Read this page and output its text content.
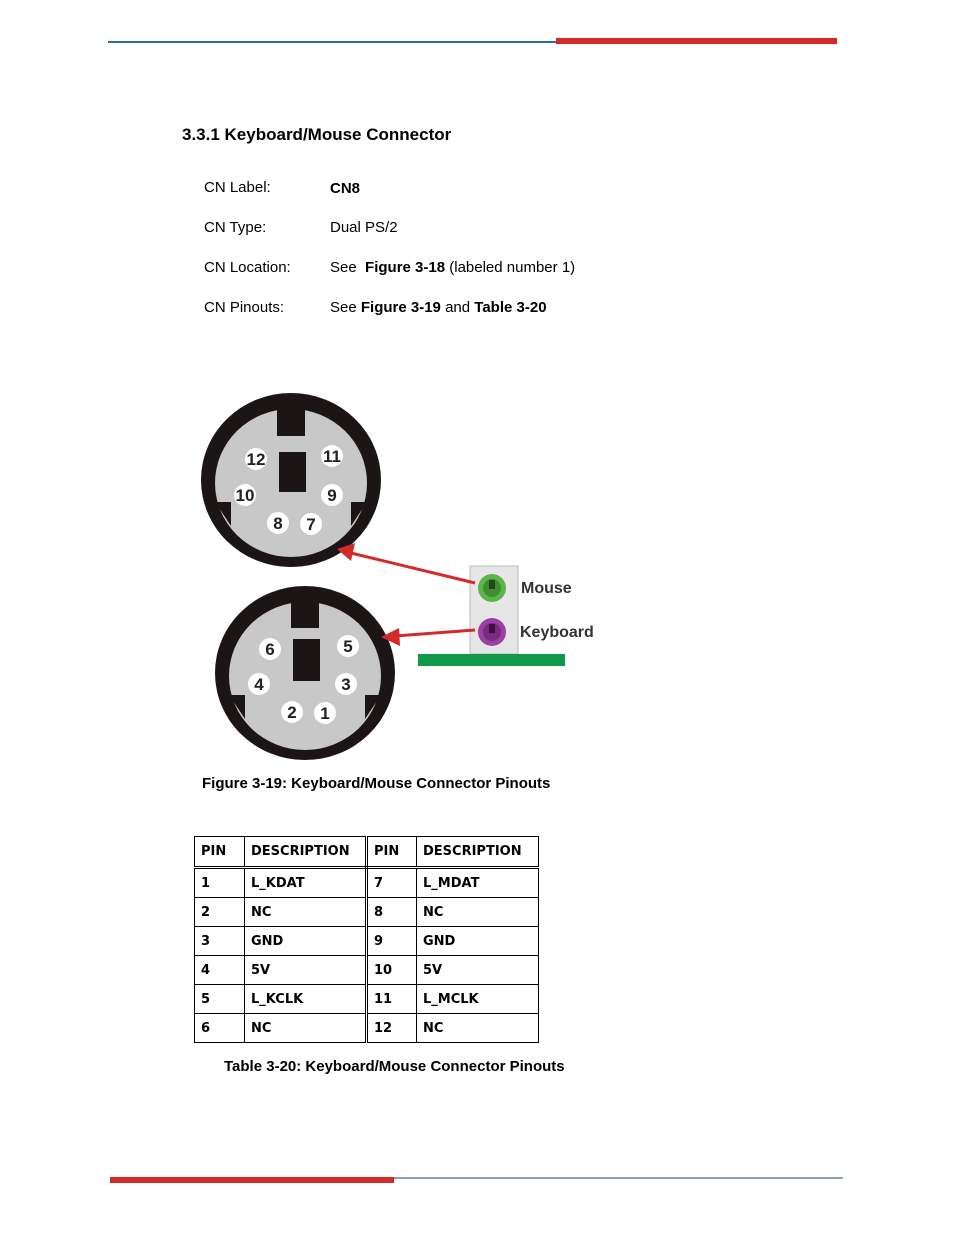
3.3.1 Keyboard/Mouse Connector
CN Label:	CN8
CN Type:	Dual PS/2
CN Location:	See Figure 3-18 (labeled number 1)
CN Pinouts:	See Figure 3-19 and Table 3-20
12	11
10	9
8 7
6	5
4	3
2 1
Mouse
Keyboard
Figure 3-19: Keyboard/Mouse Connector Pinouts
PIN	DESCRIPTION	PIN	DESCRIPTION
1	L_KDAT	7	L_MDAT
2	NC	8	NC
3	GND	9	GND
4	5V	10	5V
5	L_KCLK	11	L_MCLK
6	NC	12	NC
Table 3-20: Keyboard/Mouse Connector Pinouts
